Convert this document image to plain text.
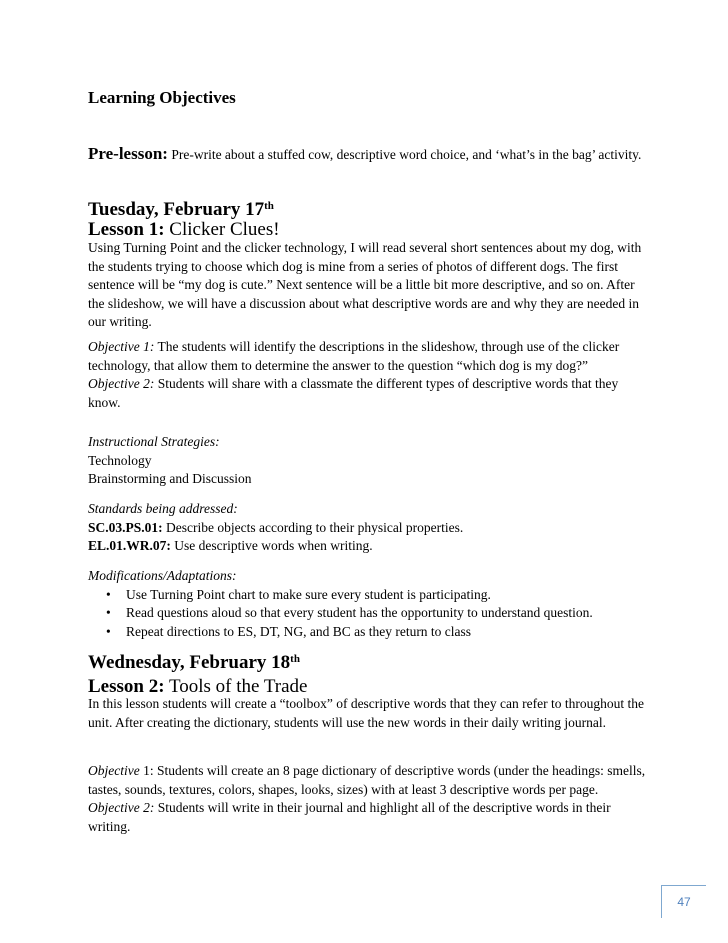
Learning Objectives
Pre-lesson: Pre-write about a stuffed cow, descriptive word choice, and ‘what’s in the bag’ activity.
Tuesday, February 17th
Lesson 1: Clicker Clues!
Using Turning Point and the clicker technology, I will read several short sentences about my dog, with the students trying to choose which dog is mine from a series of photos of different dogs. The first sentence will be “my dog is cute.” Next sentence will be a little bit more descriptive, and so on. After the slideshow, we will have a discussion about what descriptive words are and why they are needed in our writing.
Objective 1: The students will identify the descriptions in the slideshow, through use of the clicker technology, that allow them to determine the answer to the question “which dog is my dog?”
Objective 2: Students will share with a classmate the different types of descriptive words that they know.
Instructional Strategies:
Technology
Brainstorming and Discussion
Standards being addressed:
SC.03.PS.01: Describe objects according to their physical properties.
EL.01.WR.07: Use descriptive words when writing.
Modifications/Adaptations:
• Use Turning Point chart to make sure every student is participating.
• Read questions aloud so that every student has the opportunity to understand question.
• Repeat directions to ES, DT, NG, and BC as they return to class
Wednesday, February 18th
Lesson 2: Tools of the Trade
In this lesson students will create a “toolbox” of descriptive words that they can refer to throughout the unit. After creating the dictionary, students will use the new words in their daily writing journal.
Objective 1: Students will create an 8 page dictionary of descriptive words (under the headings: smells, tastes, sounds, textures, colors, shapes, looks, sizes) with at least 3 descriptive words per page.
Objective 2: Students will write in their journal and highlight all of the descriptive words in their writing.
47
